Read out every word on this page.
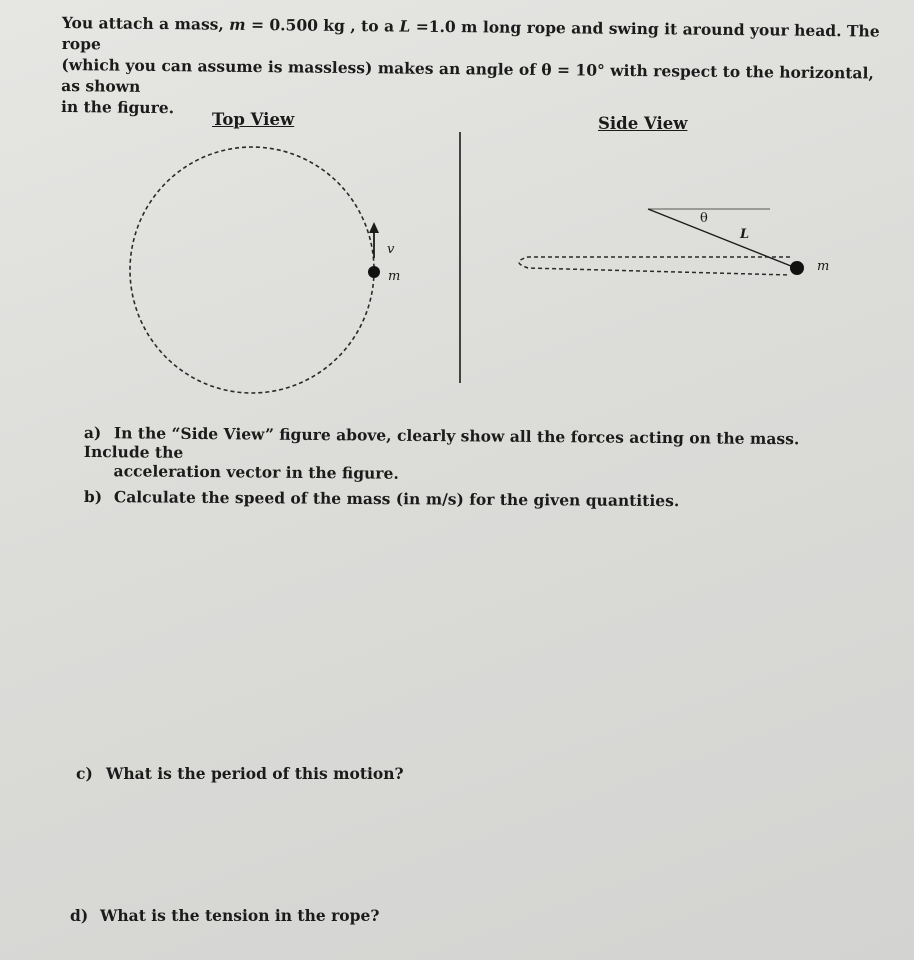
You attach a mass, m = 0.500 kg , to a L =1.0 m long rope and swing it around your head. The rope
(which you can assume is massless) makes an angle of θ = 10° with respect to the horizontal, as shown
in the figure.
Top View	Side View
v
m
θ
L
m
a) In the “Side View” figure above, clearly show all the forces acting on the mass. Include the
acceleration vector in the figure.
b) Calculate the speed of the mass (in m/s) for the given quantities.
c) What is the period of this motion?
d) What is the tension in the rope?
